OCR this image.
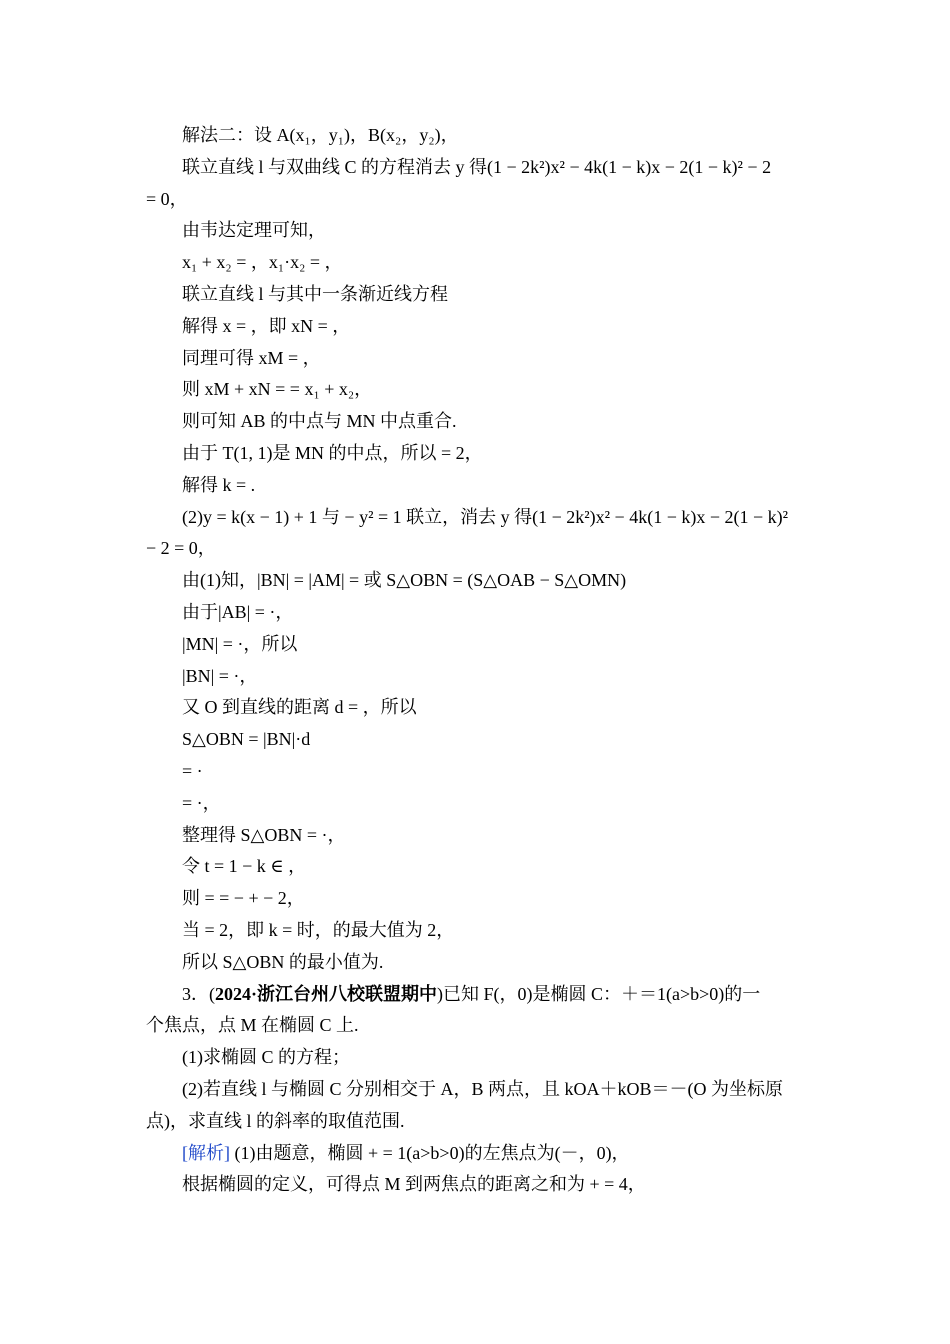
解法二：设 A(x₁，y₁)，B(x₂，y₂)，
联立直线 l 与双曲线 C 的方程消去 y 得(1 − 2k²)x² − 4k(1 − k)x − 2(1 − k)² − 2
= 0，
由韦达定理可知，
x₁ + x₂ = ，x₁·x₂ = ，
联立直线 l 与其中一条渐近线方程
解得 x = ，即 xN = ，
同理可得 xM = ，
则 xM + xN = = x₁ + x₂，
则可知 AB 的中点与 MN 中点重合.
由于 T(1, 1)是 MN 的中点，所以 = 2，
解得 k = .
(2)y = k(x − 1) + 1 与 − y² = 1 联立，消去 y 得(1 − 2k²)x² − 4k(1 − k)x − 2(1 − k)²
− 2 = 0，
由(1)知，|BN| = |AM| = 或 S△OBN = (S△OAB − S△OMN)
由于|AB| = ·，
|MN| = ·，所以
|BN| = ·，
又 O 到直线的距离 d = ，所以
S△OBN = |BN|·d
= ·
= ·，
整理得 S△OBN = ·，
令 t = 1 − k ∈ ，
则 = = − + − 2，
当 = 2，即 k = 时，的最大值为 2，
所以 S△OBN 的最小值为.
3．(2024·浙江台州八校联盟期中)已知 F(，0)是椭圆 C：＋＝1(a>b>0)的一
个焦点，点 M 在椭圆 C 上.
(1)求椭圆 C 的方程；
(2)若直线 l 与椭圆 C 分别相交于 A，B 两点，且 kOA＋kOB＝－(O 为坐标原
点)，求直线 l 的斜率的取值范围.
[解析] (1)由题意，椭圆 + = 1(a>b>0)的左焦点为(－，0)，
根据椭圆的定义，可得点 M 到两焦点的距离之和为 + = 4，
